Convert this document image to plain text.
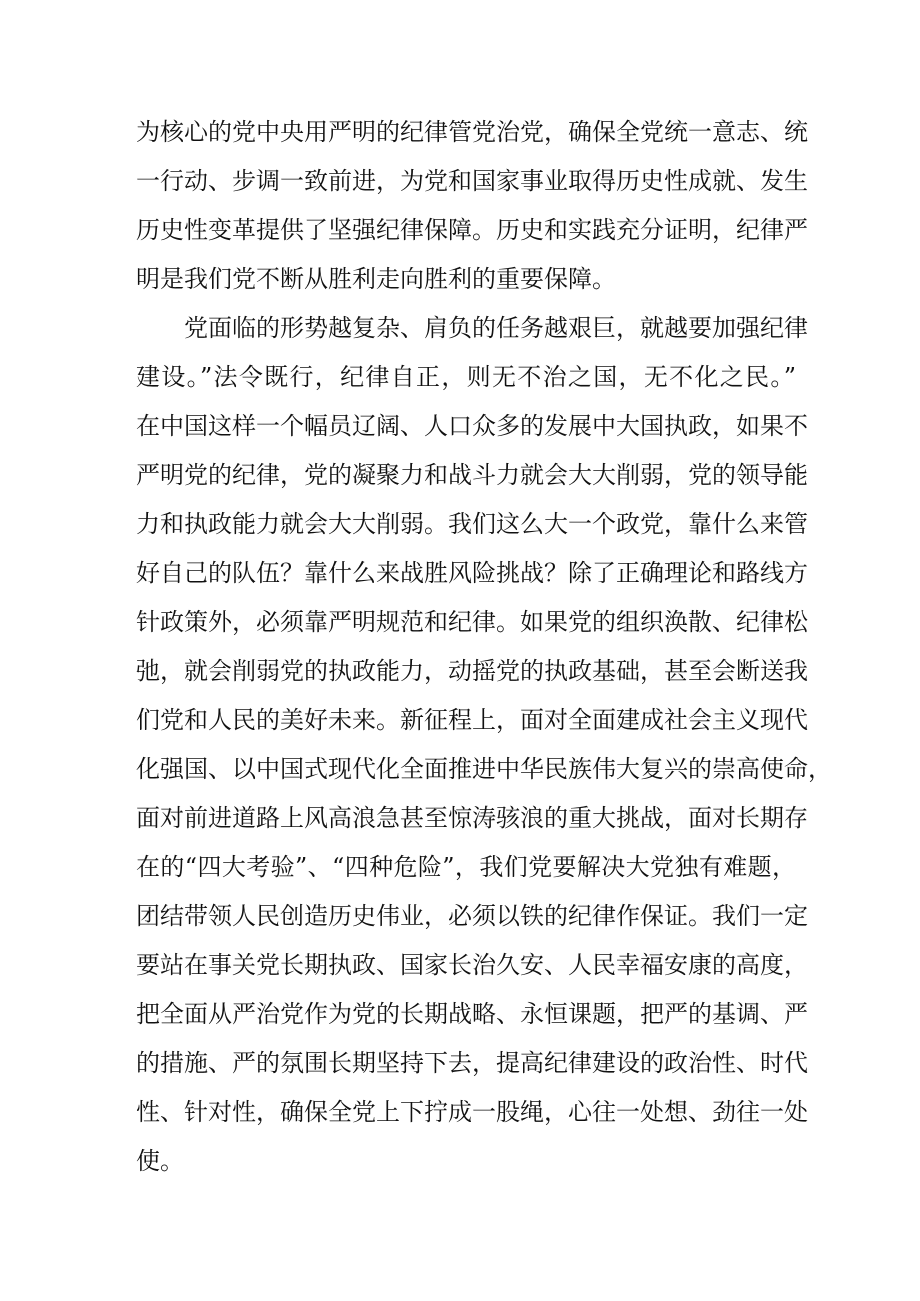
为核心的党中央用严明的纪律管党治党，确保全党统一意志、统
一行动、步调一致前进，为党和国家事业取得历史性成就、发生
历史性变革提供了坚强纪律保障。历史和实践充分证明，纪律严
明是我们党不断从胜利走向胜利的重要保障。
党面临的形势越复杂、肩负的任务越艰巨，就越要加强纪律
建设。”法令既行，纪律自正，则无不治之国，无不化之民。”
在中国这样一个幅员辽阔、人口众多的发展中大国执政，如果不
严明党的纪律，党的凝聚力和战斗力就会大大削弱，党的领导能
力和执政能力就会大大削弱。我们这么大一个政党，靠什么来管
好自己的队伍？靠什么来战胜风险挑战？除了正确理论和路线方
针政策外，必须靠严明规范和纪律。如果党的组织涣散、纪律松
弛，就会削弱党的执政能力，动摇党的执政基础，甚至会断送我
们党和人民的美好未来。新征程上，面对全面建成社会主义现代
化强国、以中国式现代化全面推进中华民族伟大复兴的崇高使命，
面对前进道路上风高浪急甚至惊涛骇浪的重大挑战，面对长期存
在的“四大考验”、“四种危险”，我们党要解决大党独有难题，
团结带领人民创造历史伟业，必须以铁的纪律作保证。我们一定
要站在事关党长期执政、国家长治久安、人民幸福安康的高度，
把全面从严治党作为党的长期战略、永恒课题，把严的基调、严
的措施、严的氛围长期坚持下去，提高纪律建设的政治性、时代
性、针对性，确保全党上下拧成一股绳，心往一处想、劲往一处
使。
